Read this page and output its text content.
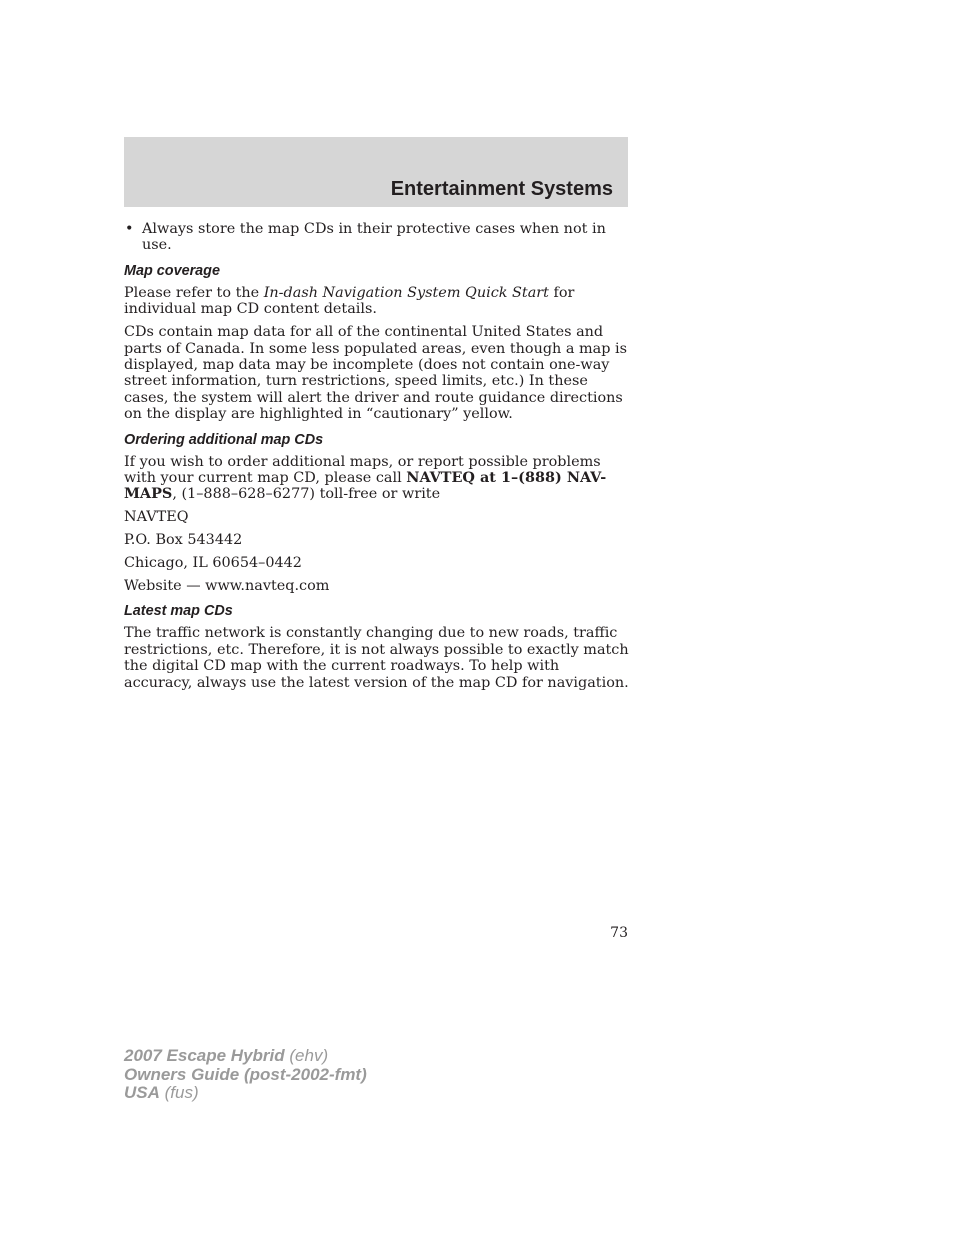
Entertainment Systems
• Always store the map CDs in their protective cases when not in use.
Map coverage

Please refer to the In-dash Navigation System Quick Start for individual map CD content details.

CDs contain map data for all of the continental United States and parts of Canada. In some less populated areas, even though a map is displayed, map data may be incomplete (does not contain one-way street information, turn restrictions, speed limits, etc.) In these cases, the system will alert the driver and route guidance directions on the display are highlighted in “cautionary” yellow.

Ordering additional map CDs

If you wish to order additional maps, or report possible problems with your current map CD, please call NAVTEQ at 1–(888) NAV-MAPS, (1–888–628–6277) toll-free or write

NAVTEQ

P.O. Box 543442

Chicago, IL 60654–0442

Website — www.navteq.com

Latest map CDs

The traffic network is constantly changing due to new roads, traffic restrictions, etc. Therefore, it is not always possible to exactly match the digital CD map with the current roadways. To help with accuracy, always use the latest version of the map CD for navigation.

73
2007 Escape Hybrid (ehv)
Owners Guide (post-2002-fmt)
USA (fus)
